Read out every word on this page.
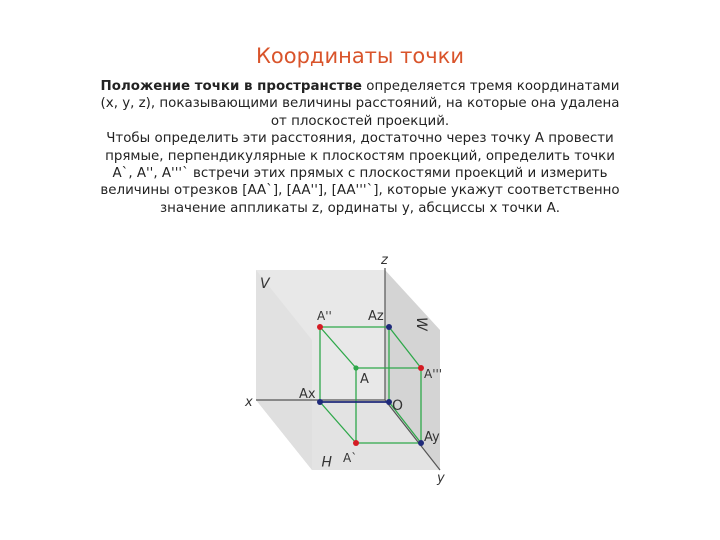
Координаты точки

Положение точки в пространстве определяется тремя координатами (x, y, z), показывающими величины расстояний, на которые она удалена от плоскостей проекций.

Чтобы определить эти расстояния, достаточно через точку А провести прямые, перпендикулярные к плоскостям проекций, определить точки A`, A'', A'''` встречи этих прямых с плоскостями проекций и измерить величины отрезков [AA`], [AA''], [AA'''`], которые укажут соответственно значение аппликаты z, ординаты y, абсциссы x точки А.

z
x
y
V
H
W
A
A''
A'''
A`
Az
Ax
Ay
O
